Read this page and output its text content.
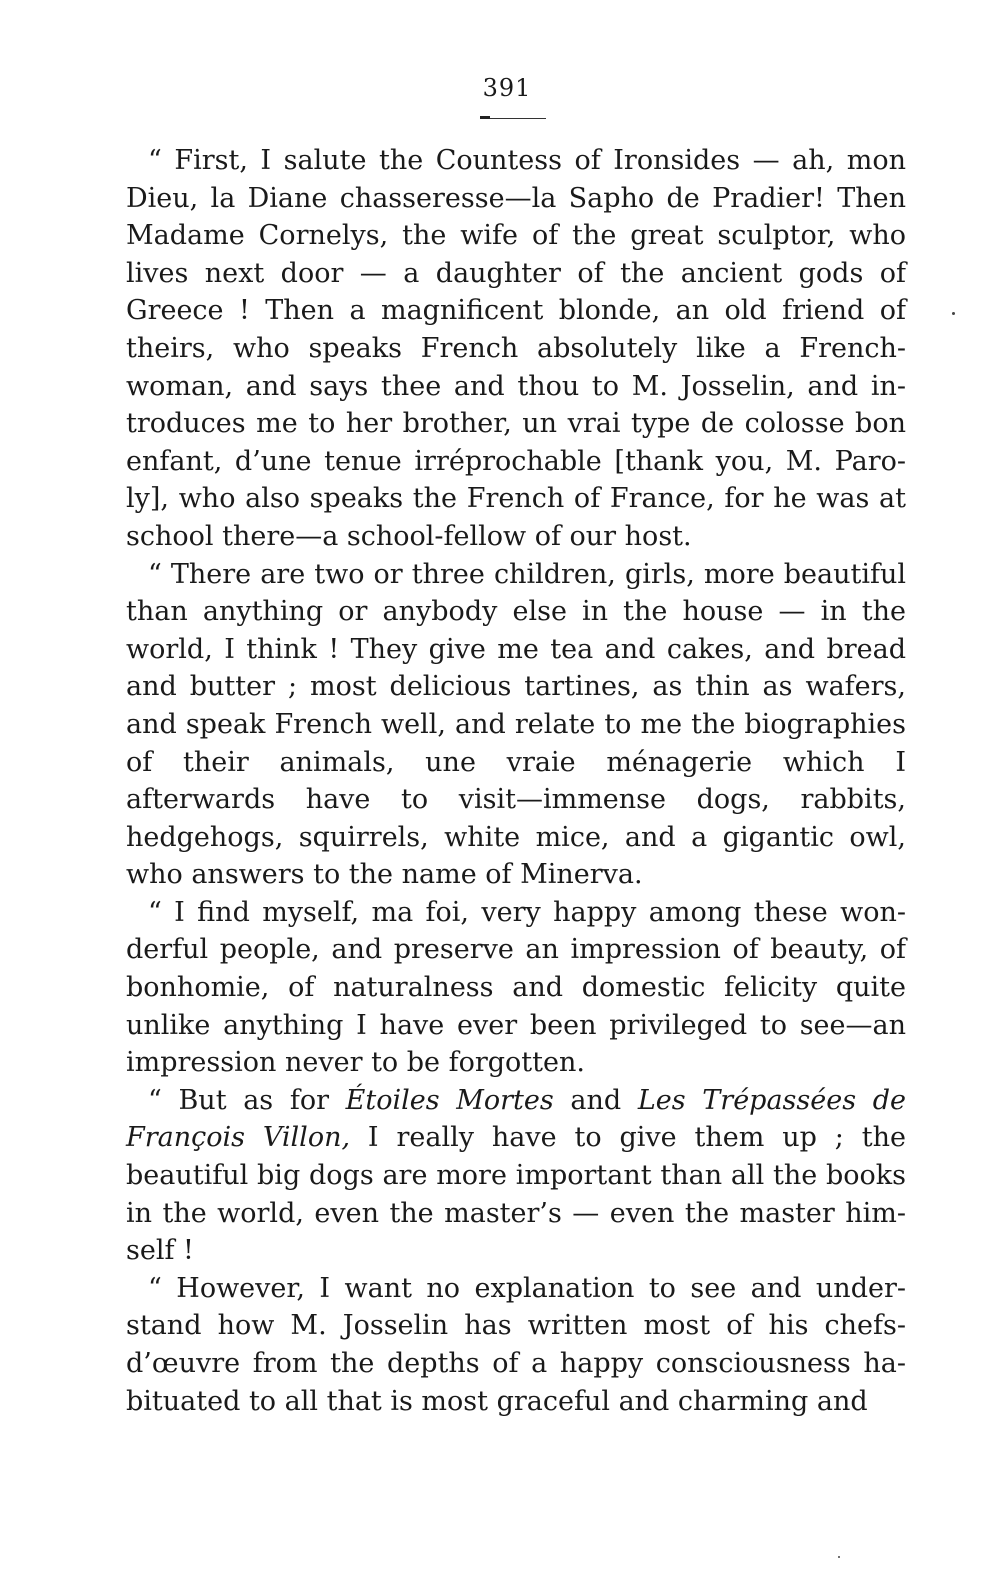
391

“ First, I salute the Countess of Ironsides — ah, mon Dieu, la Diane chasseresse—la Sapho de Pradier! Then Madame Cornelys, the wife of the great sculptor, who lives next door — a daughter of the ancient gods of Greece ! Then a magnificent blonde, an old friend of theirs, who speaks French absolutely like a Frenchwoman, and says thee and thou to M. Josselin, and introduces me to her brother, un vrai type de colosse bon enfant, d’une tenue irréprochable [thank you, M. Paroly], who also speaks the French of France, for he was at school there—a school-fellow of our host.

“ There are two or three children, girls, more beautiful than anything or anybody else in the house — in the world, I think ! They give me tea and cakes, and bread and butter ; most delicious tartines, as thin as wafers, and speak French well, and relate to me the biographies of their animals, une vraie ménagerie which I afterwards have to visit—immense dogs, rabbits, hedgehogs, squirrels, white mice, and a gigantic owl, who answers to the name of Minerva.

“ I find myself, ma foi, very happy among these wonderful people, and preserve an impression of beauty, of bonhomie, of naturalness and domestic felicity quite unlike anything I have ever been privileged to see—an impression never to be forgotten.

“ But as for Étoiles Mortes and Les Trépassées de François Villon, I really have to give them up ; the beautiful big dogs are more important than all the books in the world, even the master’s — even the master himself !

“ However, I want no explanation to see and understand how M. Josselin has written most of his chefs-d’œuvre from the depths of a happy consciousness habituated to all that is most graceful and charming and
